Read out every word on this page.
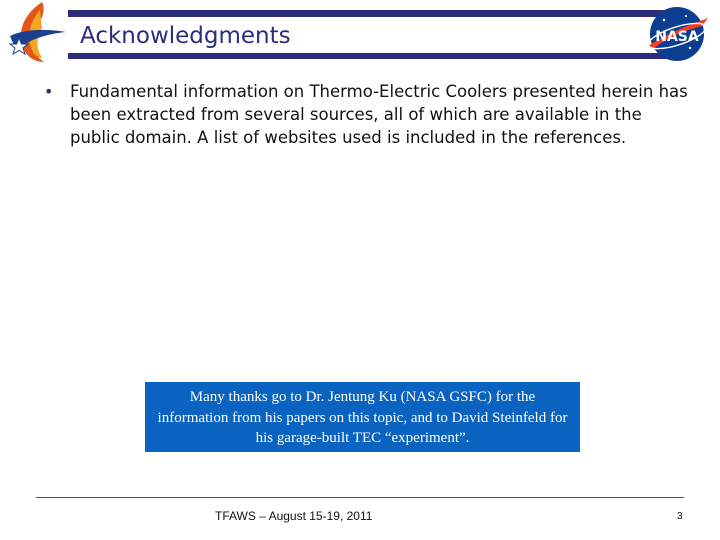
Acknowledgments	NASA
• Fundamental information on Thermo-Electric Coolers presented herein has been extracted from several sources, all of which are available in the public domain. A list of websites used is included in the references.
Many thanks go to Dr. Jentung Ku (NASA GSFC) for the information from his papers on this topic, and to David Steinfeld for his garage-built TEC “experiment”.
TFAWS – August 15-19, 2011	3
